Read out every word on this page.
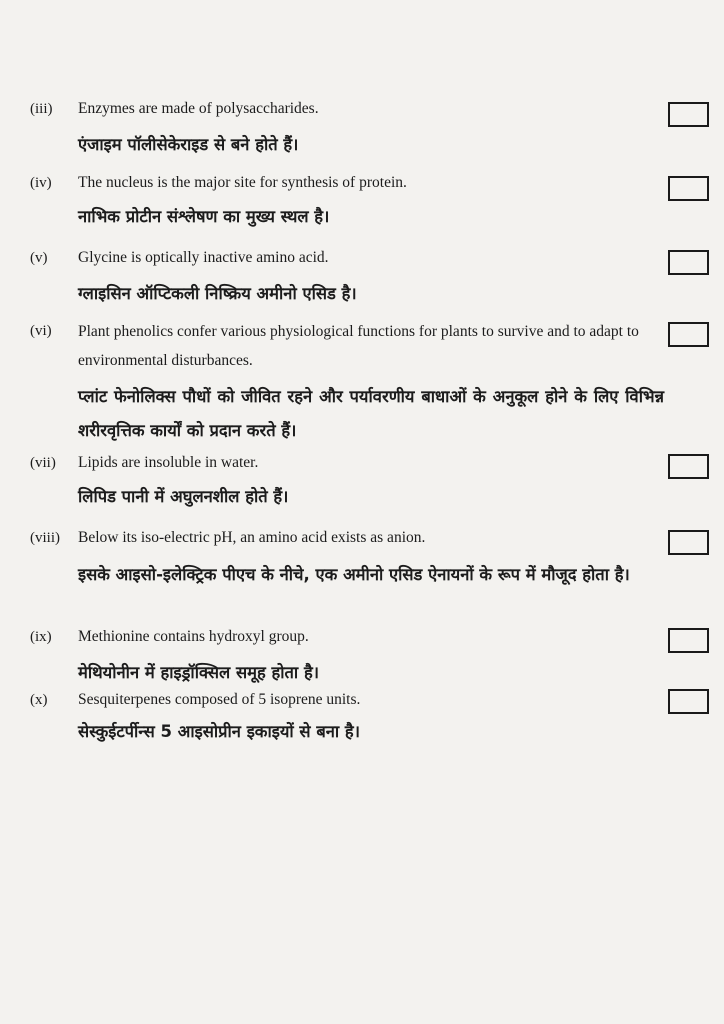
(iii) Enzymes are made of polysaccharides.
एंजाइम पॉलीसेकेराइड से बने होते हैं।
(iv) The nucleus is the major site for synthesis of protein.
नाभिक प्रोटीन संश्लेषण का मुख्य स्थल है।
(v) Glycine is optically inactive amino acid.
ग्लाइसिन ऑप्टिकली निष्क्रिय अमीनो एसिड है।
(vi) Plant phenolics confer various physiological functions for plants to survive and to adapt to environmental disturbances.
प्लांट फेनोलिक्स पौधों को जीवित रहने और पर्यावरणीय बाधाओं के अनुकूल होने के लिए विभिन्न शरीरवृत्तिक कार्यों को प्रदान करते हैं।
(vii) Lipids are insoluble in water.
लिपिड पानी में अघुलनशील होते हैं।
(viii) Below its iso-electric pH, an amino acid exists as anion.
इसके आइसो-इलेक्ट्रिक पीएच के नीचे, एक अमीनो एसिड ऐनायनों के रूप में मौजूद होता है।
(ix) Methionine contains hydroxyl group.
मेथियोनीन में हाइड्रॉक्सिल समूह होता है।
(x) Sesquiterpenes composed of 5 isoprene units.
सेस्कुईटर्पीन्स 5 आइसोप्रीन इकाइयों से बना है।
